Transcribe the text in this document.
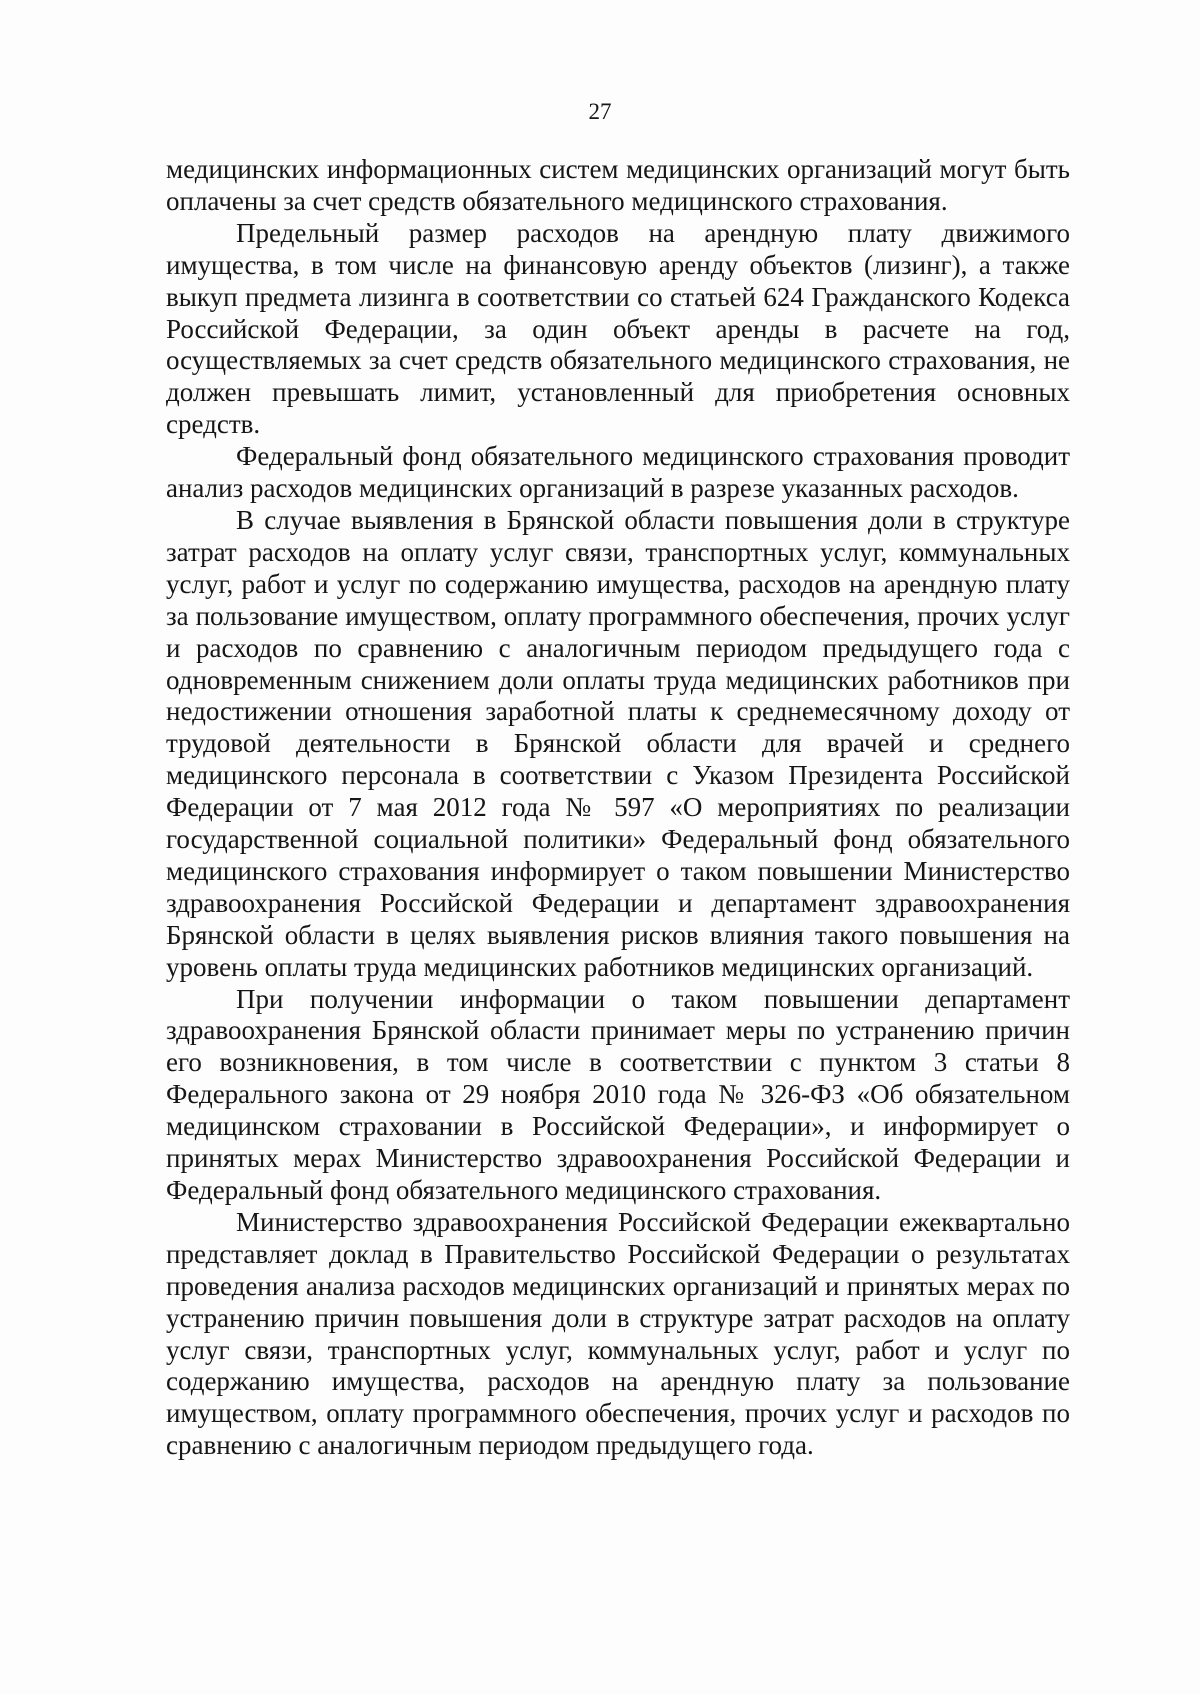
27

медицинских информационных систем медицинских организаций могут быть оплачены за счет средств обязательного медицинского страхования.

Предельный размер расходов на арендную плату движимого имущества, в том числе на финансовую аренду объектов (лизинг), а также выкуп предмета лизинга в соответствии со статьей 624 Гражданского Кодекса Российской Федерации, за один объект аренды в расчете на год, осуществляемых за счет средств обязательного медицинского страхования, не должен превышать лимит, установленный для приобретения основных средств.

Федеральный фонд обязательного медицинского страхования проводит анализ расходов медицинских организаций в разрезе указанных расходов.

В случае выявления в Брянской области повышения доли в структуре затрат расходов на оплату услуг связи, транспортных услуг, коммунальных услуг, работ и услуг по содержанию имущества, расходов на арендную плату за пользование имуществом, оплату программного обеспечения, прочих услуг и расходов по сравнению с аналогичным периодом предыдущего года с одновременным снижением доли оплаты труда медицинских работников при недостижении отношения заработной платы к среднемесячному доходу от трудовой деятельности в Брянской области для врачей и среднего медицинского персонала в соответствии с Указом Президента Российской Федерации от 7 мая 2012 года № 597 «О мероприятиях по реализации государственной социальной политики» Федеральный фонд обязательного медицинского страхования информирует о таком повышении Министерство здравоохранения Российской Федерации и департамент здравоохранения Брянской области в целях выявления рисков влияния такого повышения на уровень оплаты труда медицинских работников медицинских организаций.

При получении информации о таком повышении департамент здравоохранения Брянской области принимает меры по устранению причин его возникновения, в том числе в соответствии с пунктом 3 статьи 8 Федерального закона от 29 ноября 2010 года № 326-ФЗ «Об обязательном медицинском страховании в Российской Федерации», и информирует о принятых мерах Министерство здравоохранения Российской Федерации и Федеральный фонд обязательного медицинского страхования.

Министерство здравоохранения Российской Федерации ежеквартально представляет доклад в Правительство Российской Федерации о результатах проведения анализа расходов медицинских организаций и принятых мерах по устранению причин повышения доли в структуре затрат расходов на оплату услуг связи, транспортных услуг, коммунальных услуг, работ и услуг по содержанию имущества, расходов на арендную плату за пользование имуществом, оплату программного обеспечения, прочих услуг и расходов по сравнению с аналогичным периодом предыдущего года.
